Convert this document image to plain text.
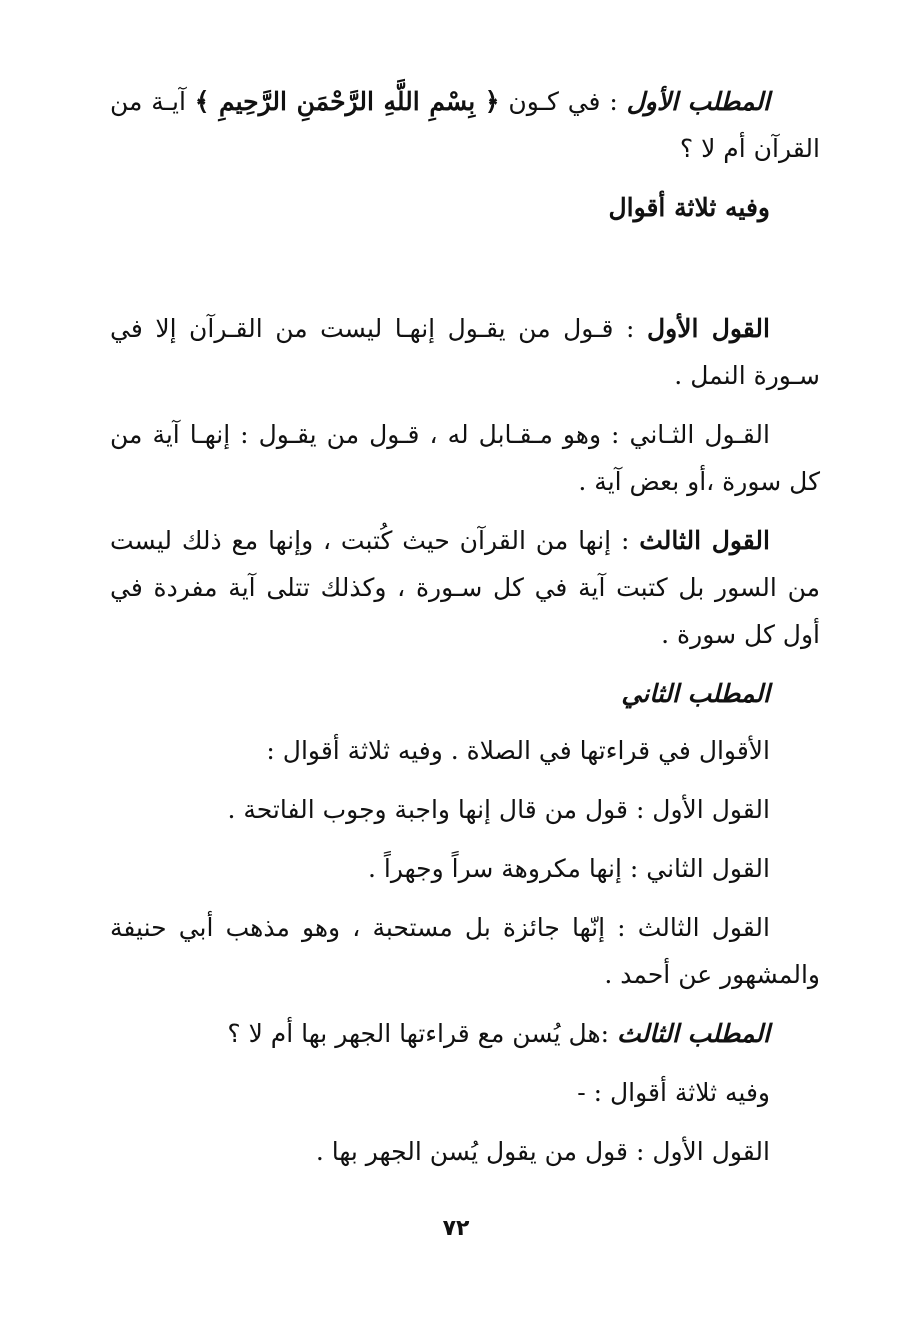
المطلب الأول : في كـون ﴿ بِسْمِ اللَّهِ الرَّحْمَنِ الرَّحِيمِ ﴾ آيـة من القرآن أم لا ؟

وفيه ثلاثة أقوال

القول الأول : قـول من يقـول إنهـا ليست من القـرآن إلا في سـورة النمل .

القـول الثـاني : وهو مـقـابل له ، قـول من يقـول : إنهـا آية من كل سورة ،أو بعض آية .

القول الثالث : إنها من القرآن حيث كُتبت ، وإنها مع ذلك ليست من السور بل كتبت آية في كل سـورة ، وكذلك تتلى آية مفردة في أول كل سورة .

المطلب الثاني

الأقوال في قراءتها في الصلاة . وفيه ثلاثة أقوال :

القول الأول : قول من قال إنها واجبة وجوب الفاتحة .

القول الثاني : إنها مكروهة سراً وجهراً .

القول الثالث : إنّها جائزة بل مستحبة ، وهو مذهب أبي حنيفة والمشهور عن أحمد .

المطلب الثالث :هل يُسن مع قراءتها الجهر بها أم لا ؟

وفيه ثلاثة أقوال : -

القول الأول : قول من يقول يُسن الجهر بها .

٧٢
